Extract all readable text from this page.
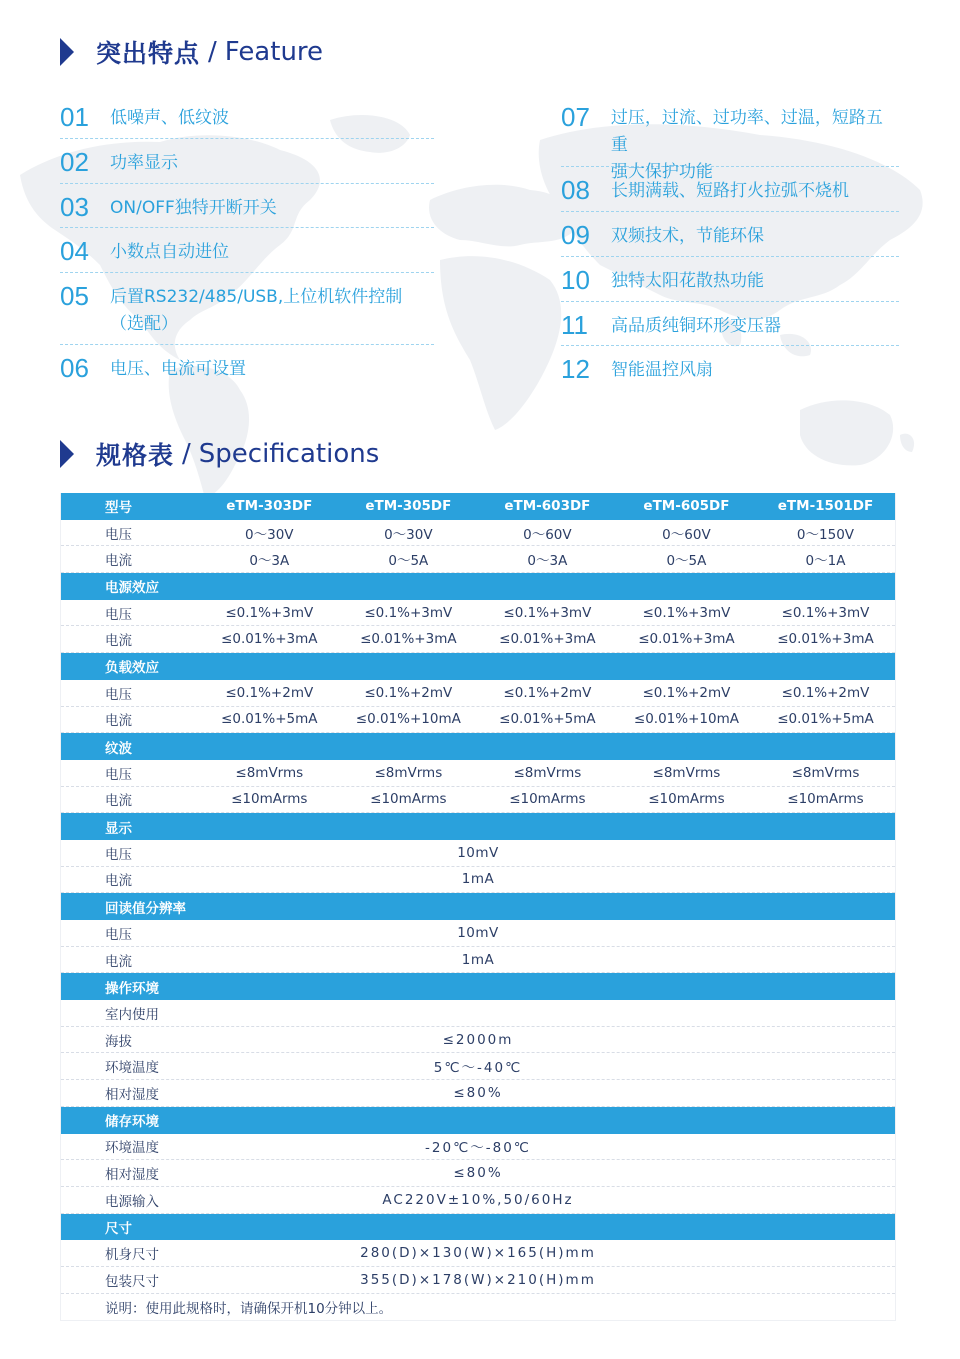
突出特点 / Feature
01	低噪声、低纹波
02	功率显示
03	ON/OFF独特开断开关
04	小数点自动进位
05	后置RS232/485/USB,上位机软件控制
（选配）
06	电压、电流可设置
07	过压，过流、过功率、过温，短路五重
强大保护功能
08	长期满载、短路打火拉弧不烧机
09	双频技术，节能环保
10	独特太阳花散热功能
11	高品质纯铜环形变压器
12	智能温控风扇
规格表 / Specifications
型号	eTM-303DF	eTM-305DF	eTM-603DF	eTM-605DF	eTM-1501DF
电压	0～30V	0～30V	0～60V	0～60V	0～150V
电流	0～3A	0～5A	0～3A	0～5A	0～1A
电源效应
电压	≤0.1%+3mV	≤0.1%+3mV	≤0.1%+3mV	≤0.1%+3mV	≤0.1%+3mV
电流	≤0.01%+3mA	≤0.01%+3mA	≤0.01%+3mA	≤0.01%+3mA	≤0.01%+3mA
负载效应
电压	≤0.1%+2mV	≤0.1%+2mV	≤0.1%+2mV	≤0.1%+2mV	≤0.1%+2mV
电流	≤0.01%+5mA	≤0.01%+10mA	≤0.01%+5mA	≤0.01%+10mA	≤0.01%+5mA
纹波
电压	≤8mVrms	≤8mVrms	≤8mVrms	≤8mVrms	≤8mVrms
电流	≤10mArms	≤10mArms	≤10mArms	≤10mArms	≤10mArms
显示
电压	10mV
电流	1mA
回读值分辨率
电压	10mV
电流	1mA
操作环境
室内使用
海拔	≤2000m
环境温度	5℃～-40℃
相对湿度	≤80%
储存环境
环境温度	-20℃～-80℃
相对湿度	≤80%
电源输入	AC220V±10%,50/60Hz
尺寸
机身尺寸	280(D)×130(W)×165(H)mm
包装尺寸	355(D)×178(W)×210(H)mm
说明：使用此规格时，请确保开机10分钟以上。
